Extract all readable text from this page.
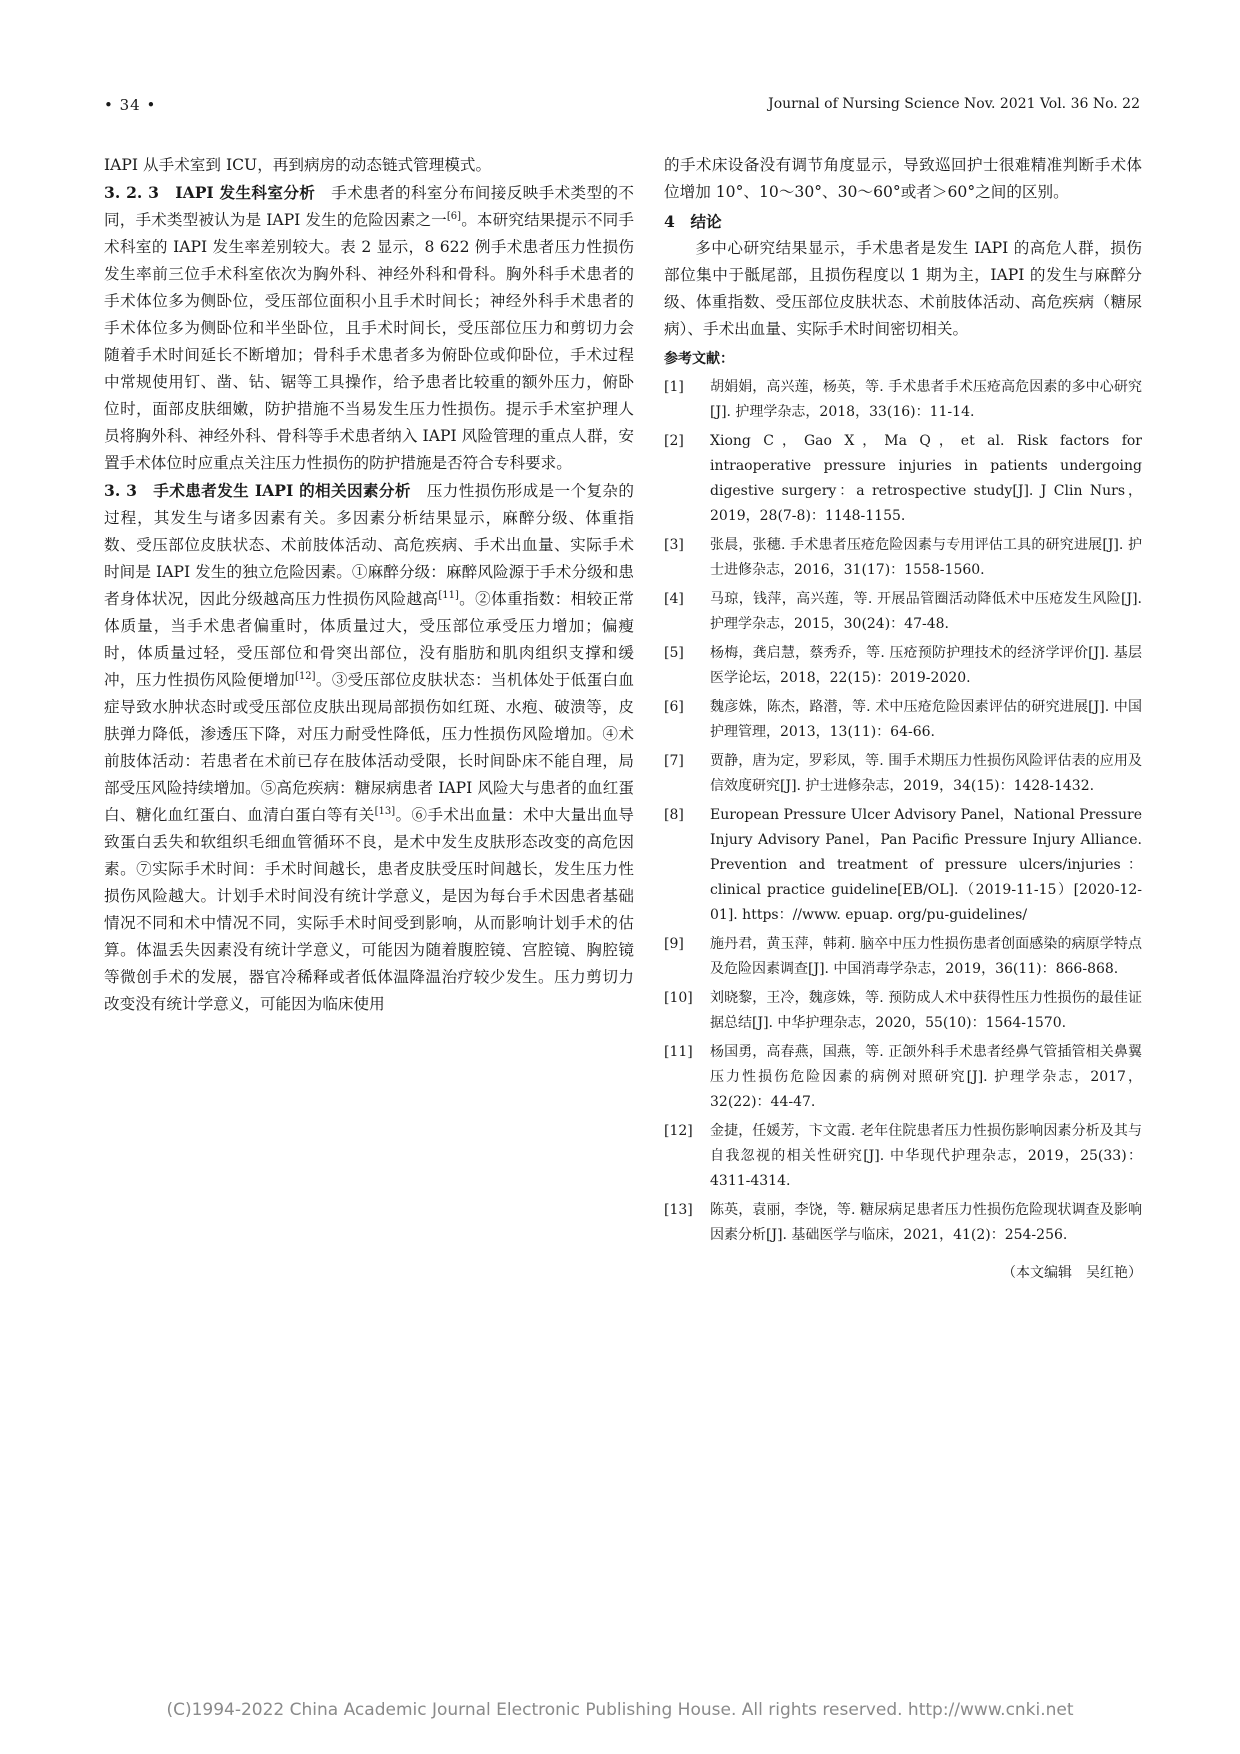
• 34 •	Journal of Nursing Science Nov. 2021 Vol. 36 No. 22

IAPI 从手术室到 ICU，再到病房的动态链式管理模式。

3. 2. 3　IAPI 发生科室分析　手术患者的科室分布间接反映手术类型的不同，手术类型被认为是 IAPI 发生的危险因素之一[6]。本研究结果提示不同手术科室的 IAPI 发生率差别较大。表 2 显示，8 622 例手术患者压力性损伤发生率前三位手术科室依次为胸外科、神经外科和骨科。胸外科手术患者的手术体位多为侧卧位，受压部位面积小且手术时间长；神经外科手术患者的手术体位多为侧卧位和半坐卧位，且手术时间长，受压部位压力和剪切力会随着手术时间延长不断增加；骨科手术患者多为俯卧位或仰卧位，手术过程中常规使用钉、凿、钻、锯等工具操作，给予患者比较重的额外压力，俯卧位时，面部皮肤细嫩，防护措施不当易发生压力性损伤。提示手术室护理人员将胸外科、神经外科、骨科等手术患者纳入 IAPI 风险管理的重点人群，安置手术体位时应重点关注压力性损伤的防护措施是否符合专科要求。

3. 3　手术患者发生 IAPI 的相关因素分析　压力性损伤形成是一个复杂的过程，其发生与诸多因素有关。多因素分析结果显示，麻醉分级、体重指数、受压部位皮肤状态、术前肢体活动、高危疾病、手术出血量、实际手术时间是 IAPI 发生的独立危险因素。①麻醉分级：麻醉风险源于手术分级和患者身体状况，因此分级越高压力性损伤风险越高[11]。②体重指数：相较正常体质量，当手术患者偏重时，体质量过大，受压部位承受压力增加；偏瘦时，体质量过轻，受压部位和骨突出部位，没有脂肪和肌肉组织支撑和缓冲，压力性损伤风险便增加[12]。③受压部位皮肤状态：当机体处于低蛋白血症导致水肿状态时或受压部位皮肤出现局部损伤如红斑、水疱、破溃等，皮肤弹力降低，渗透压下降，对压力耐受性降低，压力性损伤风险增加。④术前肢体活动：若患者在术前已存在肢体活动受限，长时间卧床不能自理，局部受压风险持续增加。⑤高危疾病：糖尿病患者 IAPI 风险大与患者的血红蛋白、糖化血红蛋白、血清白蛋白等有关[13]。⑥手术出血量：术中大量出血导致蛋白丢失和软组织毛细血管循环不良，是术中发生皮肤形态改变的高危因素。⑦实际手术时间：手术时间越长，患者皮肤受压时间越长，发生压力性损伤风险越大。计划手术时间没有统计学意义，是因为每台手术因患者基础情况不同和术中情况不同，实际手术时间受到影响，从而影响计划手术的估算。体温丢失因素没有统计学意义，可能因为随着腹腔镜、宫腔镜、胸腔镜等微创手术的发展，器官冷稀释或者低体温降温治疗较少发生。压力剪切力改变没有统计学意义，可能因为临床使用

的手术床设备没有调节角度显示，导致巡回护士很难精准判断手术体位增加 10°、10～30°、30～60°或者＞60°之间的区别。

4　结论

多中心研究结果显示，手术患者是发生 IAPI 的高危人群，损伤部位集中于骶尾部，且损伤程度以 1 期为主，IAPI 的发生与麻醉分级、体重指数、受压部位皮肤状态、术前肢体活动、高危疾病（糖尿病）、手术出血量、实际手术时间密切相关。

参考文献：

[1]	胡娟娟，高兴莲，杨英，等. 手术患者手术压疮高危因素的多中心研究[J]. 护理学杂志，2018，33(16)：11-14.
[2]	Xiong C，Gao X，Ma Q，et al. Risk factors for intraoperative pressure injuries in patients undergoing digestive surgery：a retrospective study[J]. J Clin Nurs，2019，28(7-8)：1148-1155.
[3]	张晨，张穗. 手术患者压疮危险因素与专用评估工具的研究进展[J]. 护士进修杂志，2016，31(17)：1558-1560.
[4]	马琼，钱萍，高兴莲，等. 开展品管圈活动降低术中压疮发生风险[J]. 护理学杂志，2015，30(24)：47-48.
[5]	杨梅，龚启慧，蔡秀乔，等. 压疮预防护理技术的经济学评价[J]. 基层医学论坛，2018，22(15)：2019-2020.
[6]	魏彦姝，陈杰，路潜，等. 术中压疮危险因素评估的研究进展[J]. 中国护理管理，2013，13(11)：64-66.
[7]	贾静，唐为定，罗彩凤，等. 围手术期压力性损伤风险评估表的应用及信效度研究[J]. 护士进修杂志，2019，34(15)：1428-1432.
[8]	European Pressure Ulcer Advisory Panel，National Pressure Injury Advisory Panel，Pan Pacific Pressure Injury Alliance. Prevention and treatment of pressure ulcers/injuries：clinical practice guideline[EB/OL].（2019-11-15）[2020-12-01]. https：//www. epuap. org/pu-guidelines/
[9]	施丹君，黄玉萍，韩莉. 脑卒中压力性损伤患者创面感染的病原学特点及危险因素调查[J]. 中国消毒学杂志，2019，36(11)：866-868.
[10]	刘晓黎，王冷，魏彦姝，等. 预防成人术中获得性压力性损伤的最佳证据总结[J]. 中华护理杂志，2020，55(10)：1564-1570.
[11]	杨国勇，高春燕，国燕，等. 正颌外科手术患者经鼻气管插管相关鼻翼压力性损伤危险因素的病例对照研究[J]. 护理学杂志，2017，32(22)：44-47.
[12]	金捷，任媛芳，卞文霞. 老年住院患者压力性损伤影响因素分析及其与自我忽视的相关性研究[J]. 中华现代护理杂志，2019，25(33)：4311-4314.
[13]	陈英，袁丽，李饶，等. 糖尿病足患者压力性损伤危险现状调查及影响因素分析[J]. 基础医学与临床，2021，41(2)：254-256.

（本文编辑　吴红艳）

(C)1994-2022 China Academic Journal Electronic Publishing House. All rights reserved. http://www.cnki.net
